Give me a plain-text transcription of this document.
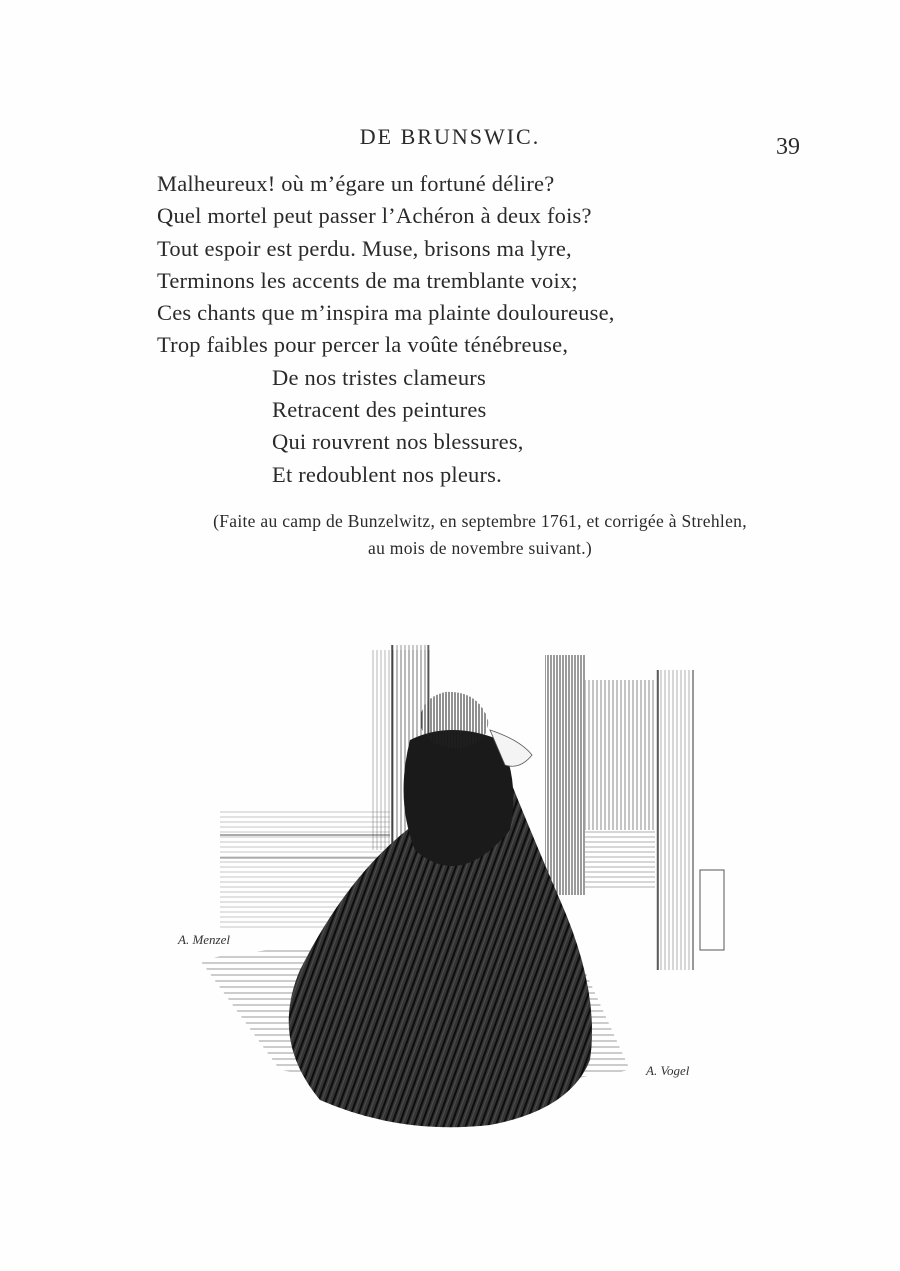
DE BRUNSWIC.	39
Malheureux! où m’égare un fortuné délire?
Quel mortel peut passer l’Achéron à deux fois?
Tout espoir est perdu. Muse, brisons ma lyre,
Terminons les accents de ma tremblante voix;
Ces chants que m’inspira ma plainte douloureuse,
Trop faibles pour percer la voûte ténébreuse,
De nos tristes clameurs
Retracent des peintures
Qui rouvrent nos blessures,
Et redoublent nos pleurs.
(Faite au camp de Bunzelwitz, en septembre 1761, et corrigée à Strehlen,
au mois de novembre suivant.)
A. Menzel
A. Vogel
